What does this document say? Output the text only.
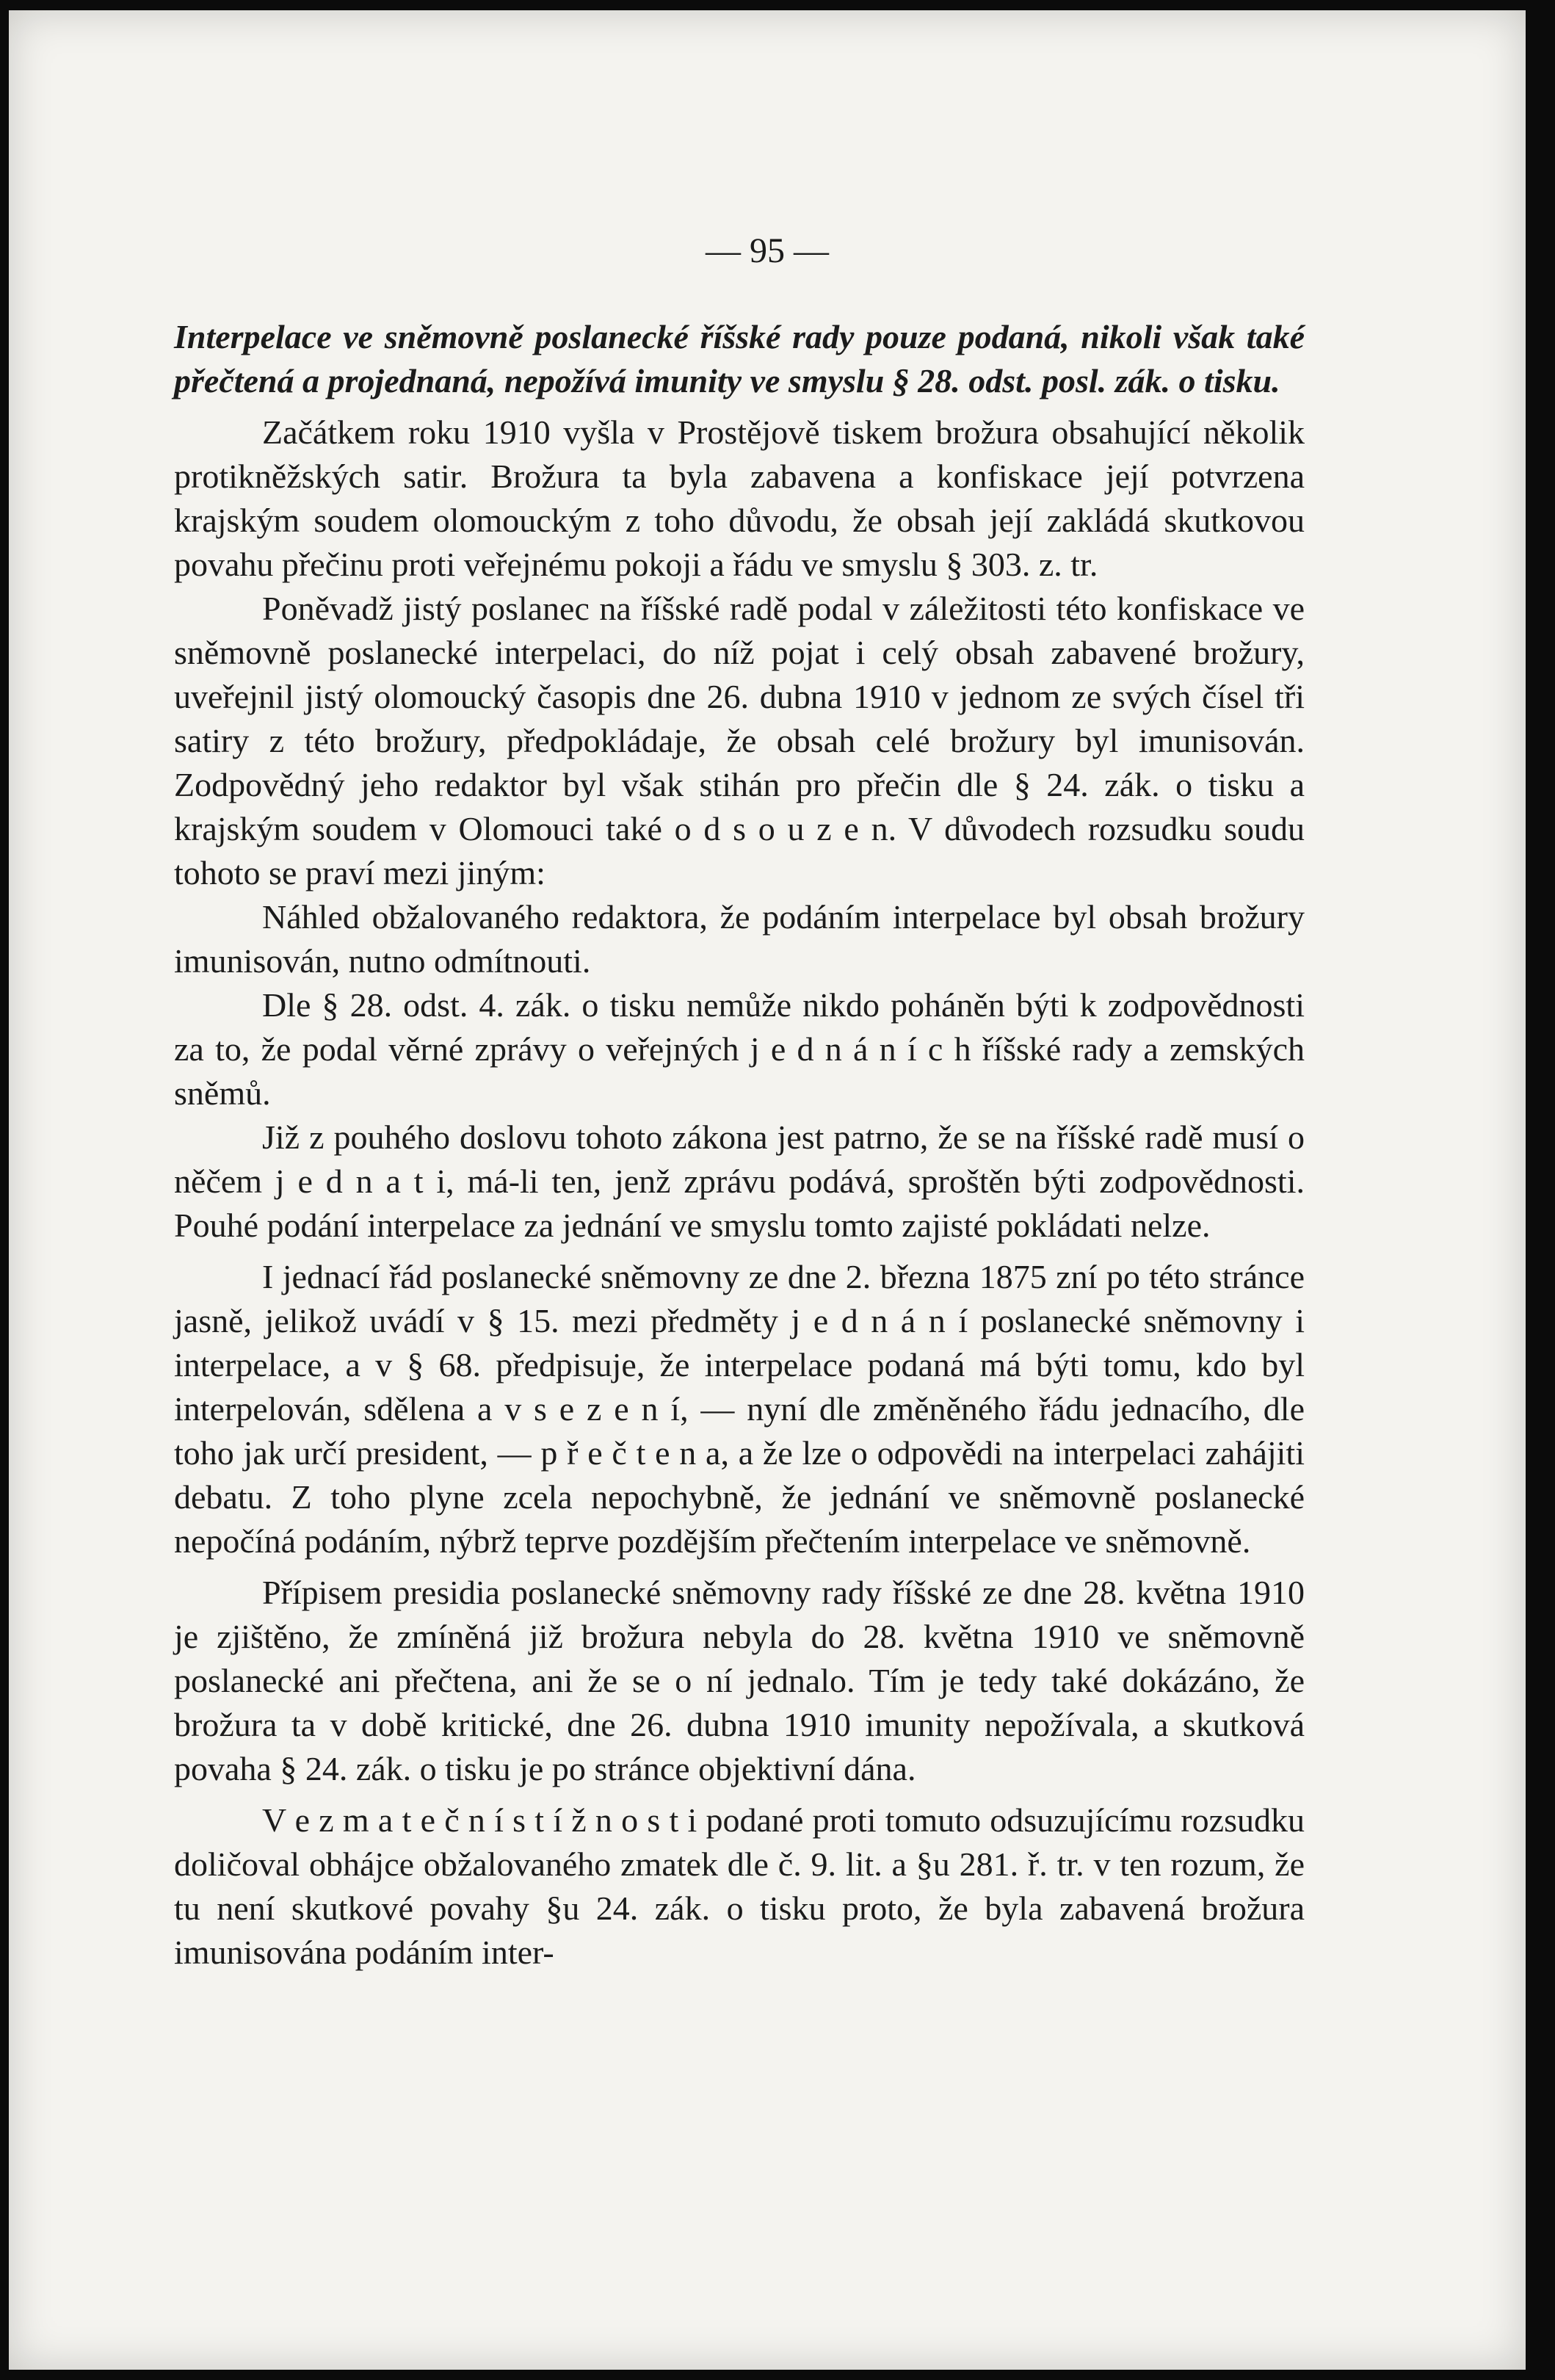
— 95 —

Interpelace ve sněmovně poslanecké říšské rady pouze podaná, nikoli však také přečtená a projednaná, nepožívá imunity ve smyslu § 28. odst. posl. zák. o tisku.

Začátkem roku 1910 vyšla v Prostějově tiskem brožura obsahující několik protikněžských satir. Brožura ta byla zabavena a konfiskace její potvrzena krajským soudem olomouckým z toho důvodu, že obsah její zakládá skutkovou povahu přečinu proti veřejnému pokoji a řádu ve smyslu § 303. z. tr.

Poněvadž jistý poslanec na říšské radě podal v záležitosti této konfiskace ve sněmovně poslanecké interpelaci, do níž pojat i celý obsah zabavené brožury, uveřejnil jistý olomoucký časopis dne 26. dubna 1910 v jednom ze svých čísel tři satiry z této brožury, předpokládaje, že obsah celé brožury byl imunisován. Zodpovědný jeho redaktor byl však stihán pro přečin dle § 24. zák. o tisku a krajským soudem v Olomouci také o d s o u z e n. V důvodech rozsudku soudu tohoto se praví mezi jiným:

Náhled obžalovaného redaktora, že podáním interpelace byl obsah brožury imunisován, nutno odmítnouti.

Dle § 28. odst. 4. zák. o tisku nemůže nikdo poháněn býti k zodpovědnosti za to, že podal věrné zprávy o veřejných j e d n á n í c h říšské rady a zemských sněmů.

Již z pouhého doslovu tohoto zákona jest patrno, že se na říšské radě musí o něčem j e d n a t i, má-li ten, jenž zprávu podává, sproštěn býti zodpovědnosti. Pouhé podání interpelace za jednání ve smyslu tomto zajisté pokládati nelze.

I jednací řád poslanecké sněmovny ze dne 2. března 1875 zní po této stránce jasně, jelikož uvádí v § 15. mezi předměty j e d n á n í poslanecké sněmovny i interpelace, a v § 68. předpisuje, že interpelace podaná má býti tomu, kdo byl interpelován, sdělena a v s e z e n í, — nyní dle změněného řádu jednacího, dle toho jak určí president, — p ř e č t e n a, a že lze o odpovědi na interpelaci zahájiti debatu. Z toho plyne zcela nepochybně, že jednání ve sněmovně poslanecké nepočíná podáním, nýbrž teprve pozdějším přečtením interpelace ve sněmovně.

Přípisem presidia poslanecké sněmovny rady říšské ze dne 28. května 1910 je zjištěno, že zmíněná již brožura nebyla do 28. května 1910 ve sněmovně poslanecké ani přečtena, ani že se o ní jednalo. Tím je tedy také dokázáno, že brožura ta v době kritické, dne 26. dubna 1910 imunity nepožívala, a skutková povaha § 24. zák. o tisku je po stránce objektivní dána.

V e z m a t e č n í s t í ž n o s t i podané proti tomuto odsuzujícímu rozsudku doličoval obhájce obžalovaného zmatek dle č. 9. lit. a §u 281. ř. tr. v ten rozum, že tu není skutkové povahy §u 24. zák. o tisku proto, že byla zabavená brožura imunisována podáním inter-
